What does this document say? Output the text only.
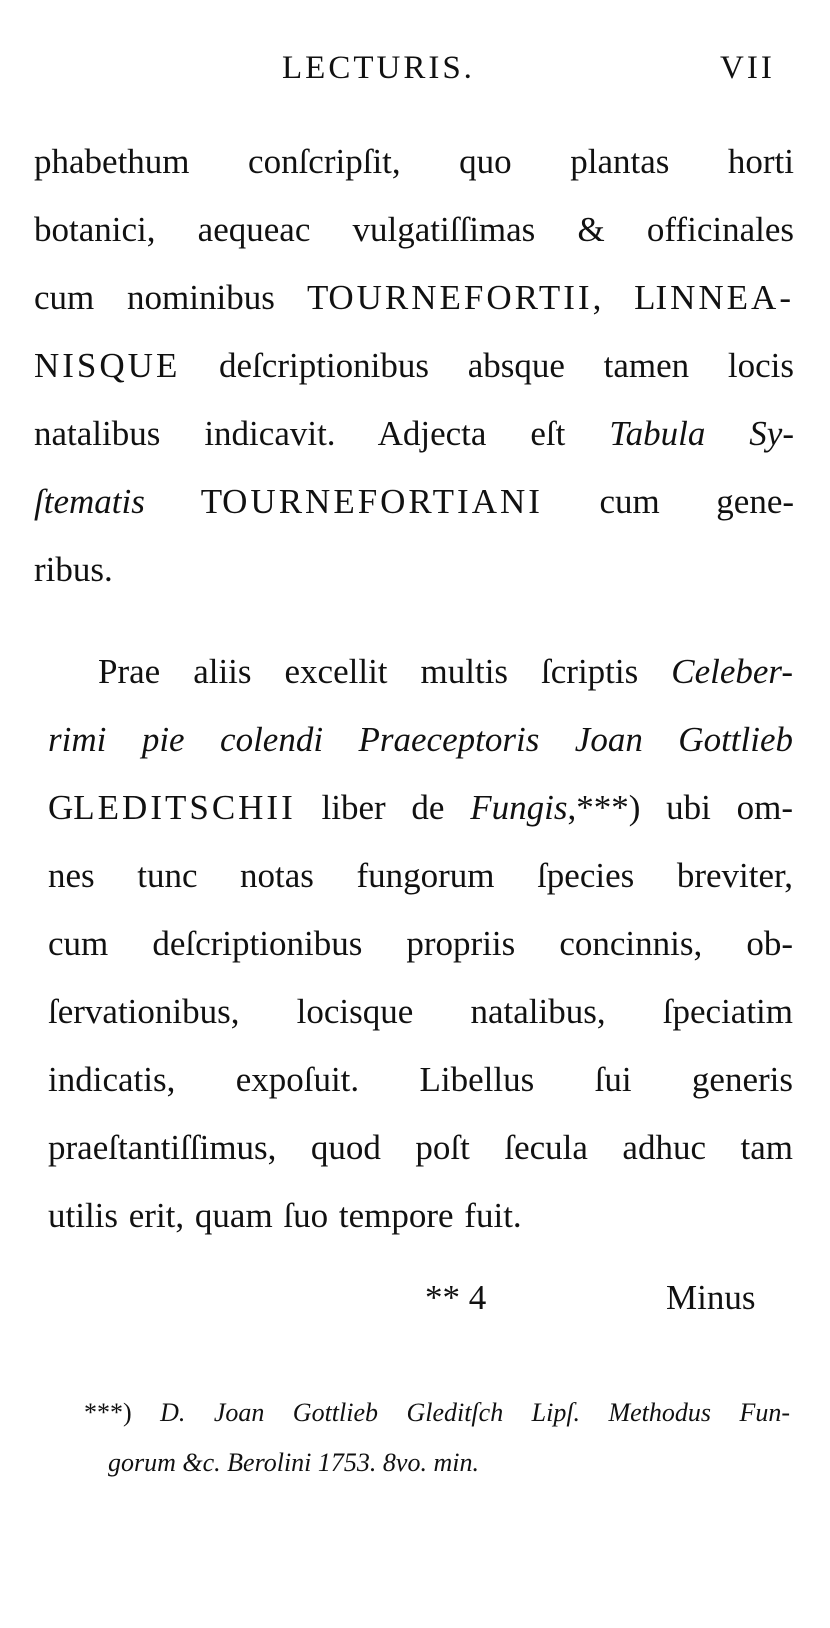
LECTURIS.	VII
phabethum conſcripſit, quo plantas horti
botanici, aequeac vulgatiſſimas & officinales
cum nominibus TOURNEFORTII, LINNEA-
NISQUE deſcriptionibus absque tamen locis
natalibus indicavit. Adjecta eſt Tabula Sy-
ſtematis TOURNEFORTIANI cum gene-
ribus.
Prae aliis excellit multis ſcriptis Celeber-
rimi pie colendi Praeceptoris Joan Gottlieb
GLEDITSCHII liber de Fungis,***) ubi om-
nes tunc notas fungorum ſpecies breviter,
cum deſcriptionibus propriis concinnis, ob-
ſervationibus, locisque natalibus, ſpeciatim
indicatis, expoſuit. Libellus ſui generis
praeſtantiſſimus, quod poſt ſecula adhuc tam
utilis erit, quam ſuo tempore fuit.
** 4	Minus
***) D. Joan Gottlieb Gleditſch Lipſ. Methodus Fun-
gorum &c. Berolini 1753. 8vo. min.
